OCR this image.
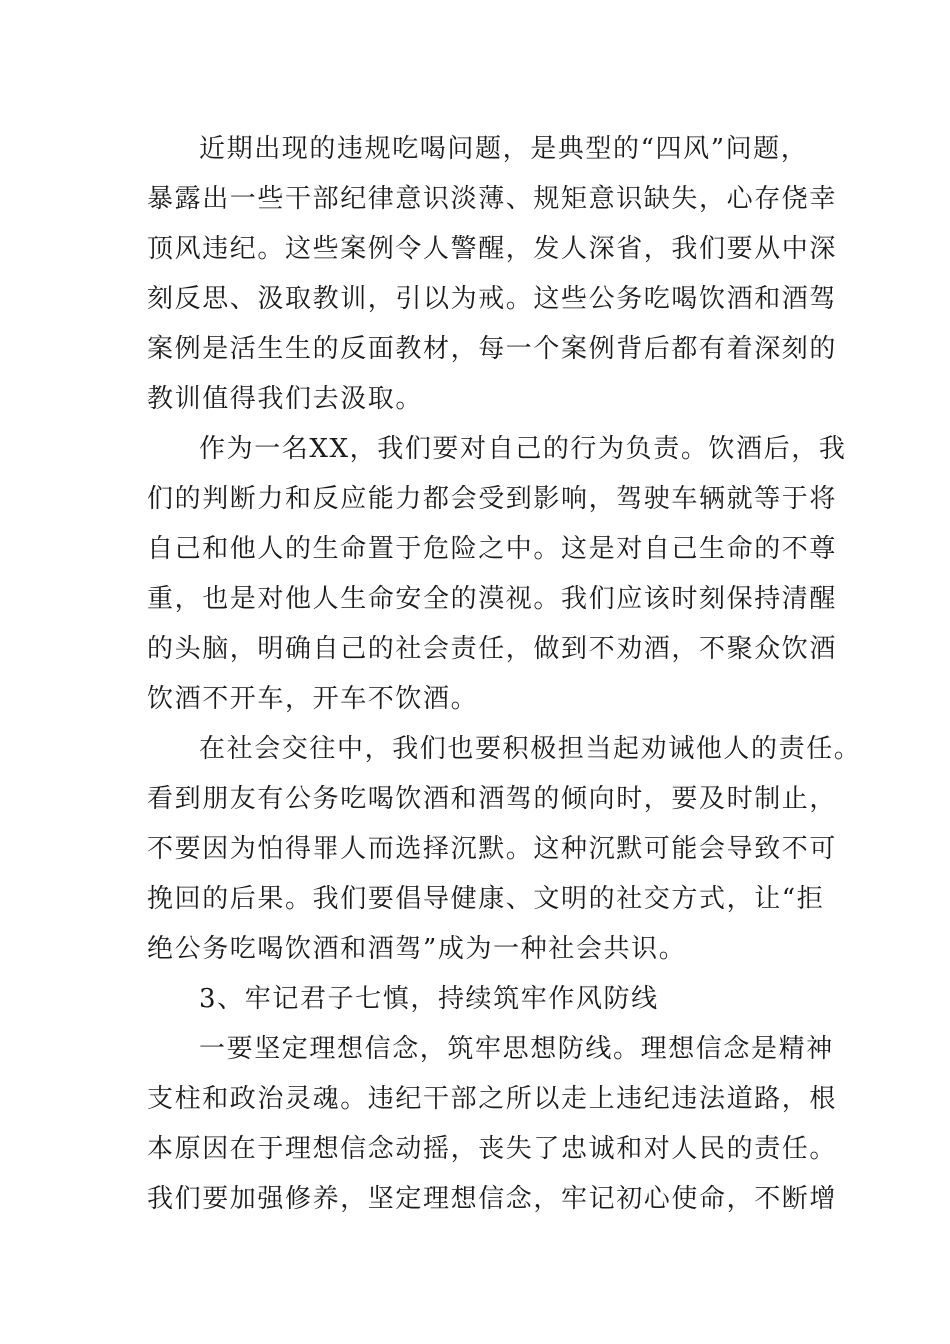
近期出现的违规吃喝问题，是典型的“四风”问题，
暴露出一些干部纪律意识淡薄、规矩意识缺失，心存侥幸
顶风违纪。这些案例令人警醒，发人深省，我们要从中深
刻反思、汲取教训，引以为戒。这些公务吃喝饮酒和酒驾
案例是活生生的反面教材，每一个案例背后都有着深刻的
教训值得我们去汲取。

作为一名XX，我们要对自己的行为负责。饮酒后，我
们的判断力和反应能力都会受到影响，驾驶车辆就等于将
自己和他人的生命置于危险之中。这是对自己生命的不尊
重，也是对他人生命安全的漠视。我们应该时刻保持清醒
的头脑，明确自己的社会责任，做到不劝酒，不聚众饮酒
饮酒不开车，开车不饮酒。

在社会交往中，我们也要积极担当起劝诫他人的责任。
看到朋友有公务吃喝饮酒和酒驾的倾向时，要及时制止，
不要因为怕得罪人而选择沉默。这种沉默可能会导致不可
挽回的后果。我们要倡导健康、文明的社交方式，让“拒
绝公务吃喝饮酒和酒驾”成为一种社会共识。

3、牢记君子七慎，持续筑牢作风防线

一要坚定理想信念，筑牢思想防线。理想信念是精神
支柱和政治灵魂。违纪干部之所以走上违纪违法道路，根
本原因在于理想信念动摇，丧失了忠诚和对人民的责任。
我们要加强修养，坚定理想信念，牢记初心使命，不断增
